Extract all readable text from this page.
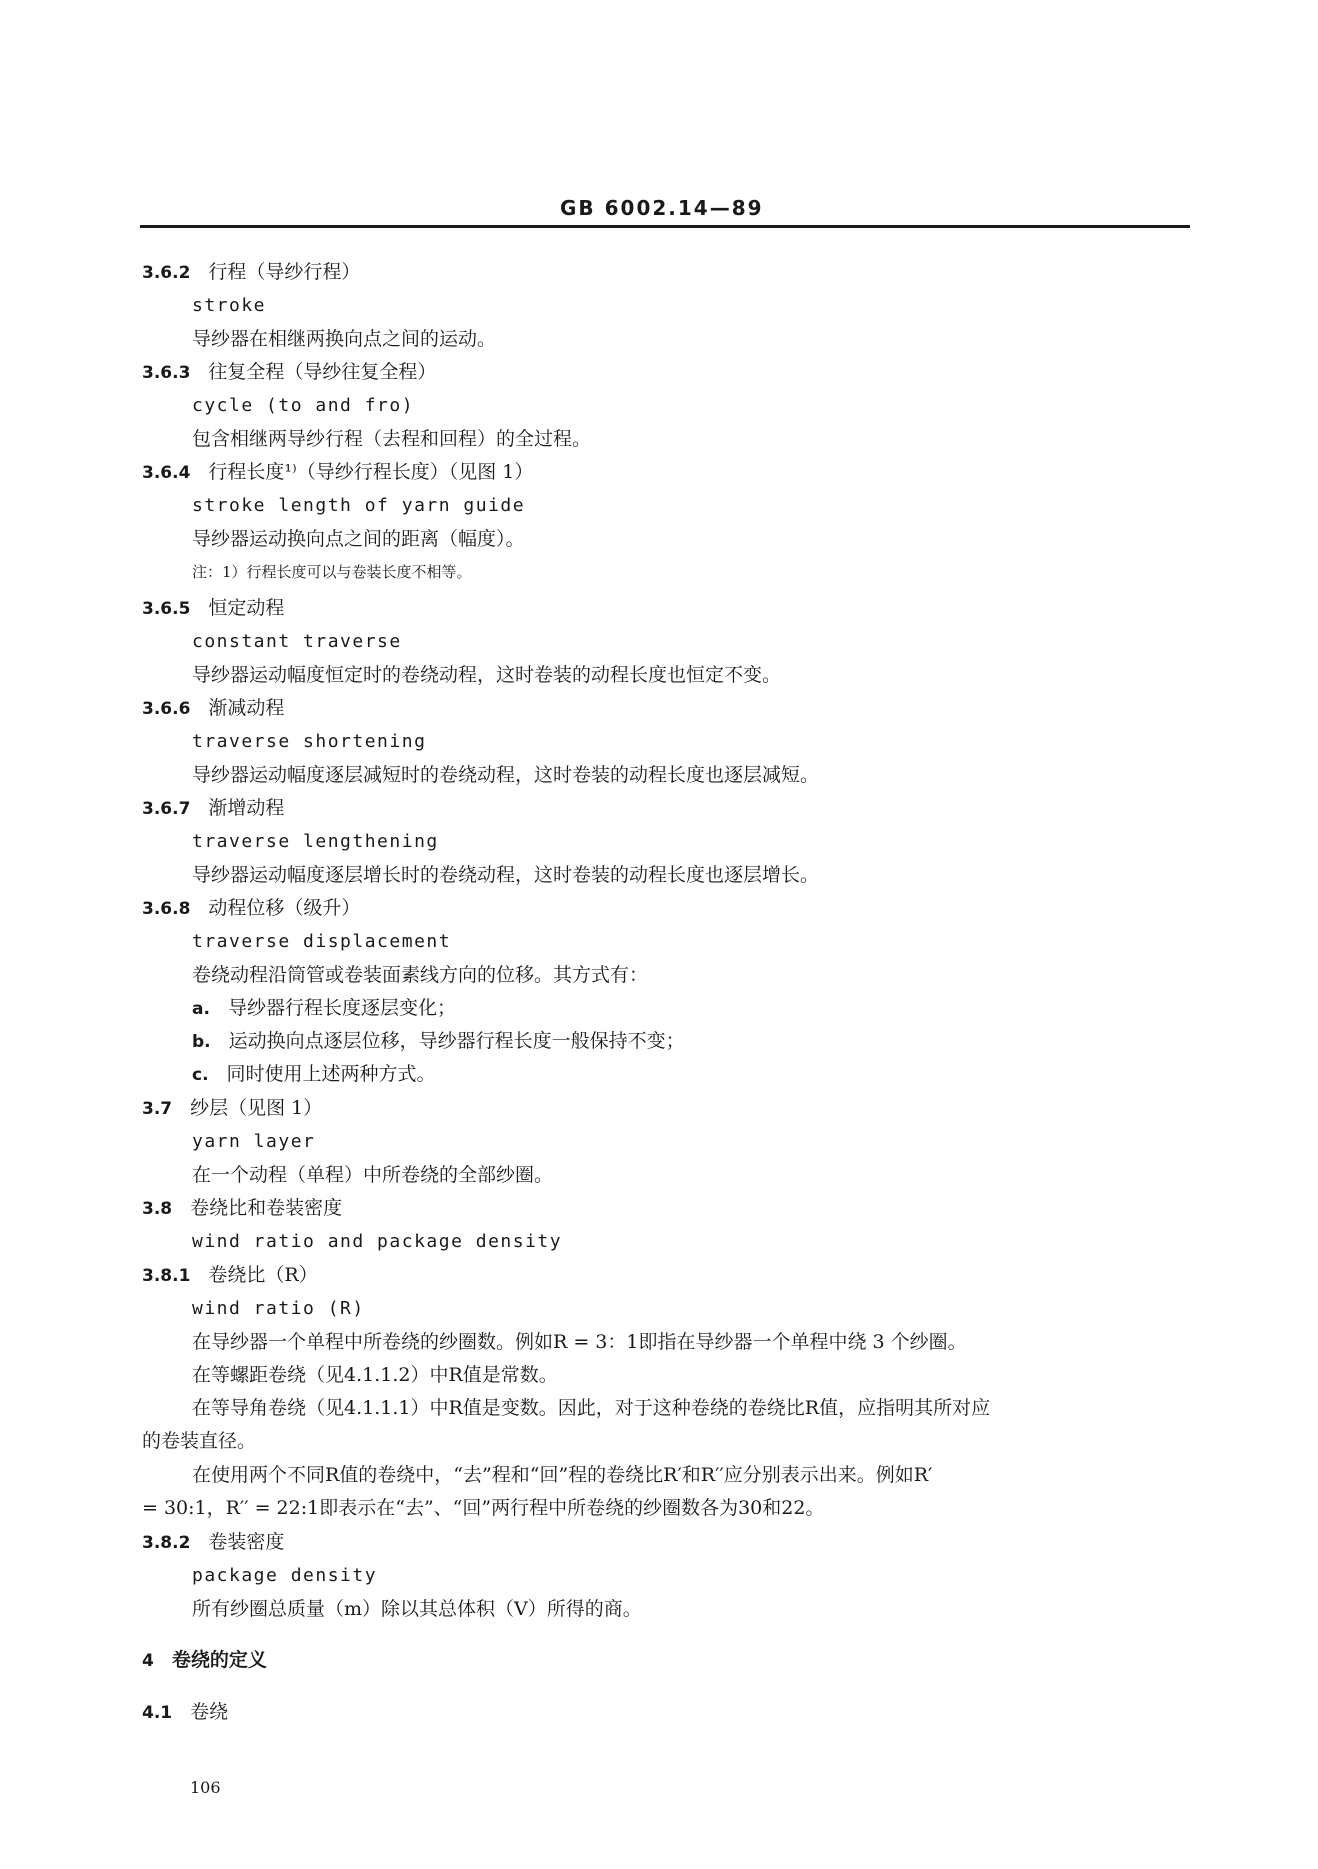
GB 6002.14—89
3.6.2 行程（导纱行程）
stroke
导纱器在相继两换向点之间的运动。
3.6.3 往复全程（导纱往复全程）
cycle (to and fro)
包含相继两导纱行程（去程和回程）的全过程。
3.6.4 行程长度¹⁾（导纱行程长度）（见图 1）
stroke length of yarn guide
导纱器运动换向点之间的距离（幅度）。
注：1）行程长度可以与卷装长度不相等。
3.6.5 恒定动程
constant traverse
导纱器运动幅度恒定时的卷绕动程，这时卷装的动程长度也恒定不变。
3.6.6 渐减动程
traverse shortening
导纱器运动幅度逐层减短时的卷绕动程，这时卷装的动程长度也逐层减短。
3.6.7 渐增动程
traverse lengthening
导纱器运动幅度逐层增长时的卷绕动程，这时卷装的动程长度也逐层增长。
3.6.8 动程位移（级升）
traverse displacement
卷绕动程沿筒管或卷装面素线方向的位移。其方式有：
a. 导纱器行程长度逐层变化；
b. 运动换向点逐层位移，导纱器行程长度一般保持不变；
c. 同时使用上述两种方式。
3.7 纱层（见图 1）
yarn layer
在一个动程（单程）中所卷绕的全部纱圈。
3.8 卷绕比和卷装密度
wind ratio and package density
3.8.1 卷绕比（R）
wind ratio (R)
在导纱器一个单程中所卷绕的纱圈数。例如R = 3：1即指在导纱器一个单程中绕 3 个纱圈。
在等螺距卷绕（见4.1.1.2）中R值是常数。
在等导角卷绕（见4.1.1.1）中R值是变数。因此，对于这种卷绕的卷绕比R值，应指明其所对应
的卷装直径。
在使用两个不同R值的卷绕中，“去”程和“回”程的卷绕比R′和R′′应分别表示出来。例如R′
= 30:1，R′′ = 22:1即表示在“去”、“回”两行程中所卷绕的纱圈数各为30和22。
3.8.2 卷装密度
package density
所有纱圈总质量（m）除以其总体积（V）所得的商。
4 卷绕的定义
4.1 卷绕
106
